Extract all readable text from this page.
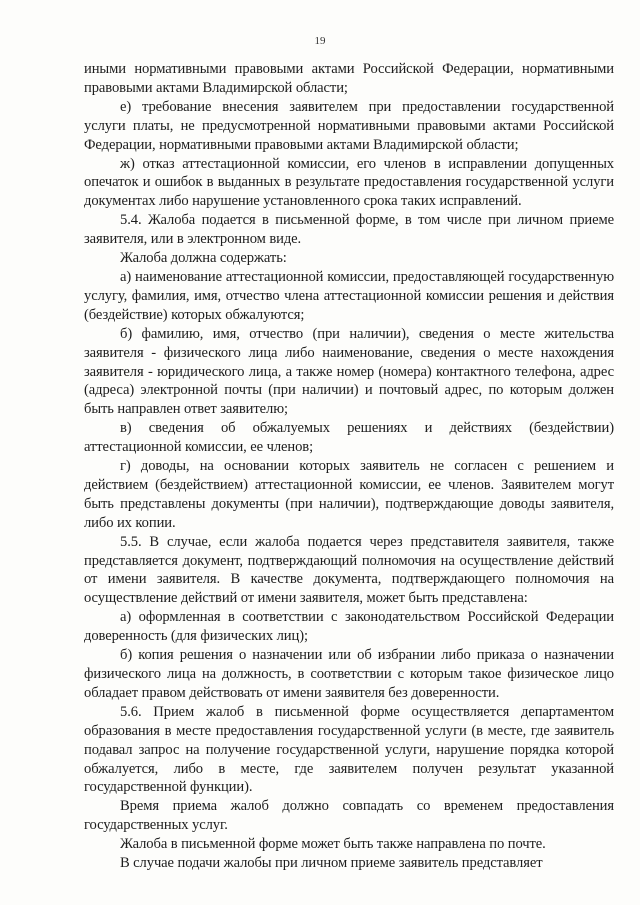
19

иными нормативными правовыми актами Российской Федерации, нормативными правовыми актами Владимирской области;

е) требование внесения заявителем при предоставлении государственной услуги платы, не предусмотренной нормативными правовыми актами Российской Федерации, нормативными правовыми актами Владимирской области;

ж) отказ аттестационной комиссии, его членов в исправлении допущенных опечаток и ошибок в выданных в результате предоставления государственной услуги документах либо нарушение установленного срока таких исправлений.

5.4. Жалоба подается в письменной форме, в том числе при личном приеме заявителя, или в электронном виде.

Жалоба должна содержать:

а) наименование аттестационной комиссии, предоставляющей государственную услугу, фамилия, имя, отчество члена аттестационной комиссии решения и действия (бездействие) которых обжалуются;

б) фамилию, имя, отчество (при наличии), сведения о месте жительства заявителя - физического лица либо наименование, сведения о месте нахождения заявителя - юридического лица, а также номер (номера) контактного телефона, адрес (адреса) электронной почты (при наличии) и почтовый адрес, по которым должен быть направлен ответ заявителю;

в) сведения об обжалуемых решениях и действиях (бездействии) аттестационной комиссии, ее членов;

г) доводы, на основании которых заявитель не согласен с решением и действием (бездействием) аттестационной комиссии, ее членов. Заявителем могут быть представлены документы (при наличии), подтверждающие доводы заявителя, либо их копии.

5.5. В случае, если жалоба подается через представителя заявителя, также представляется документ, подтверждающий полномочия на осуществление действий от имени заявителя. В качестве документа, подтверждающего полномочия на осуществление действий от имени заявителя, может быть представлена:

а) оформленная в соответствии с законодательством Российской Федерации доверенность (для физических лиц);

б) копия решения о назначении или об избрании либо приказа о назначении физического лица на должность, в соответствии с которым такое физическое лицо обладает правом действовать от имени заявителя без доверенности.

5.6. Прием жалоб в письменной форме осуществляется департаментом образования в месте предоставления государственной услуги (в месте, где заявитель подавал запрос на получение государственной услуги, нарушение порядка которой обжалуется, либо в месте, где заявителем получен результат указанной государственной функции).

Время приема жалоб должно совпадать со временем предоставления государственных услуг.

Жалоба в письменной форме может быть также направлена по почте.

В случае подачи жалобы при личном приеме заявитель представляет
